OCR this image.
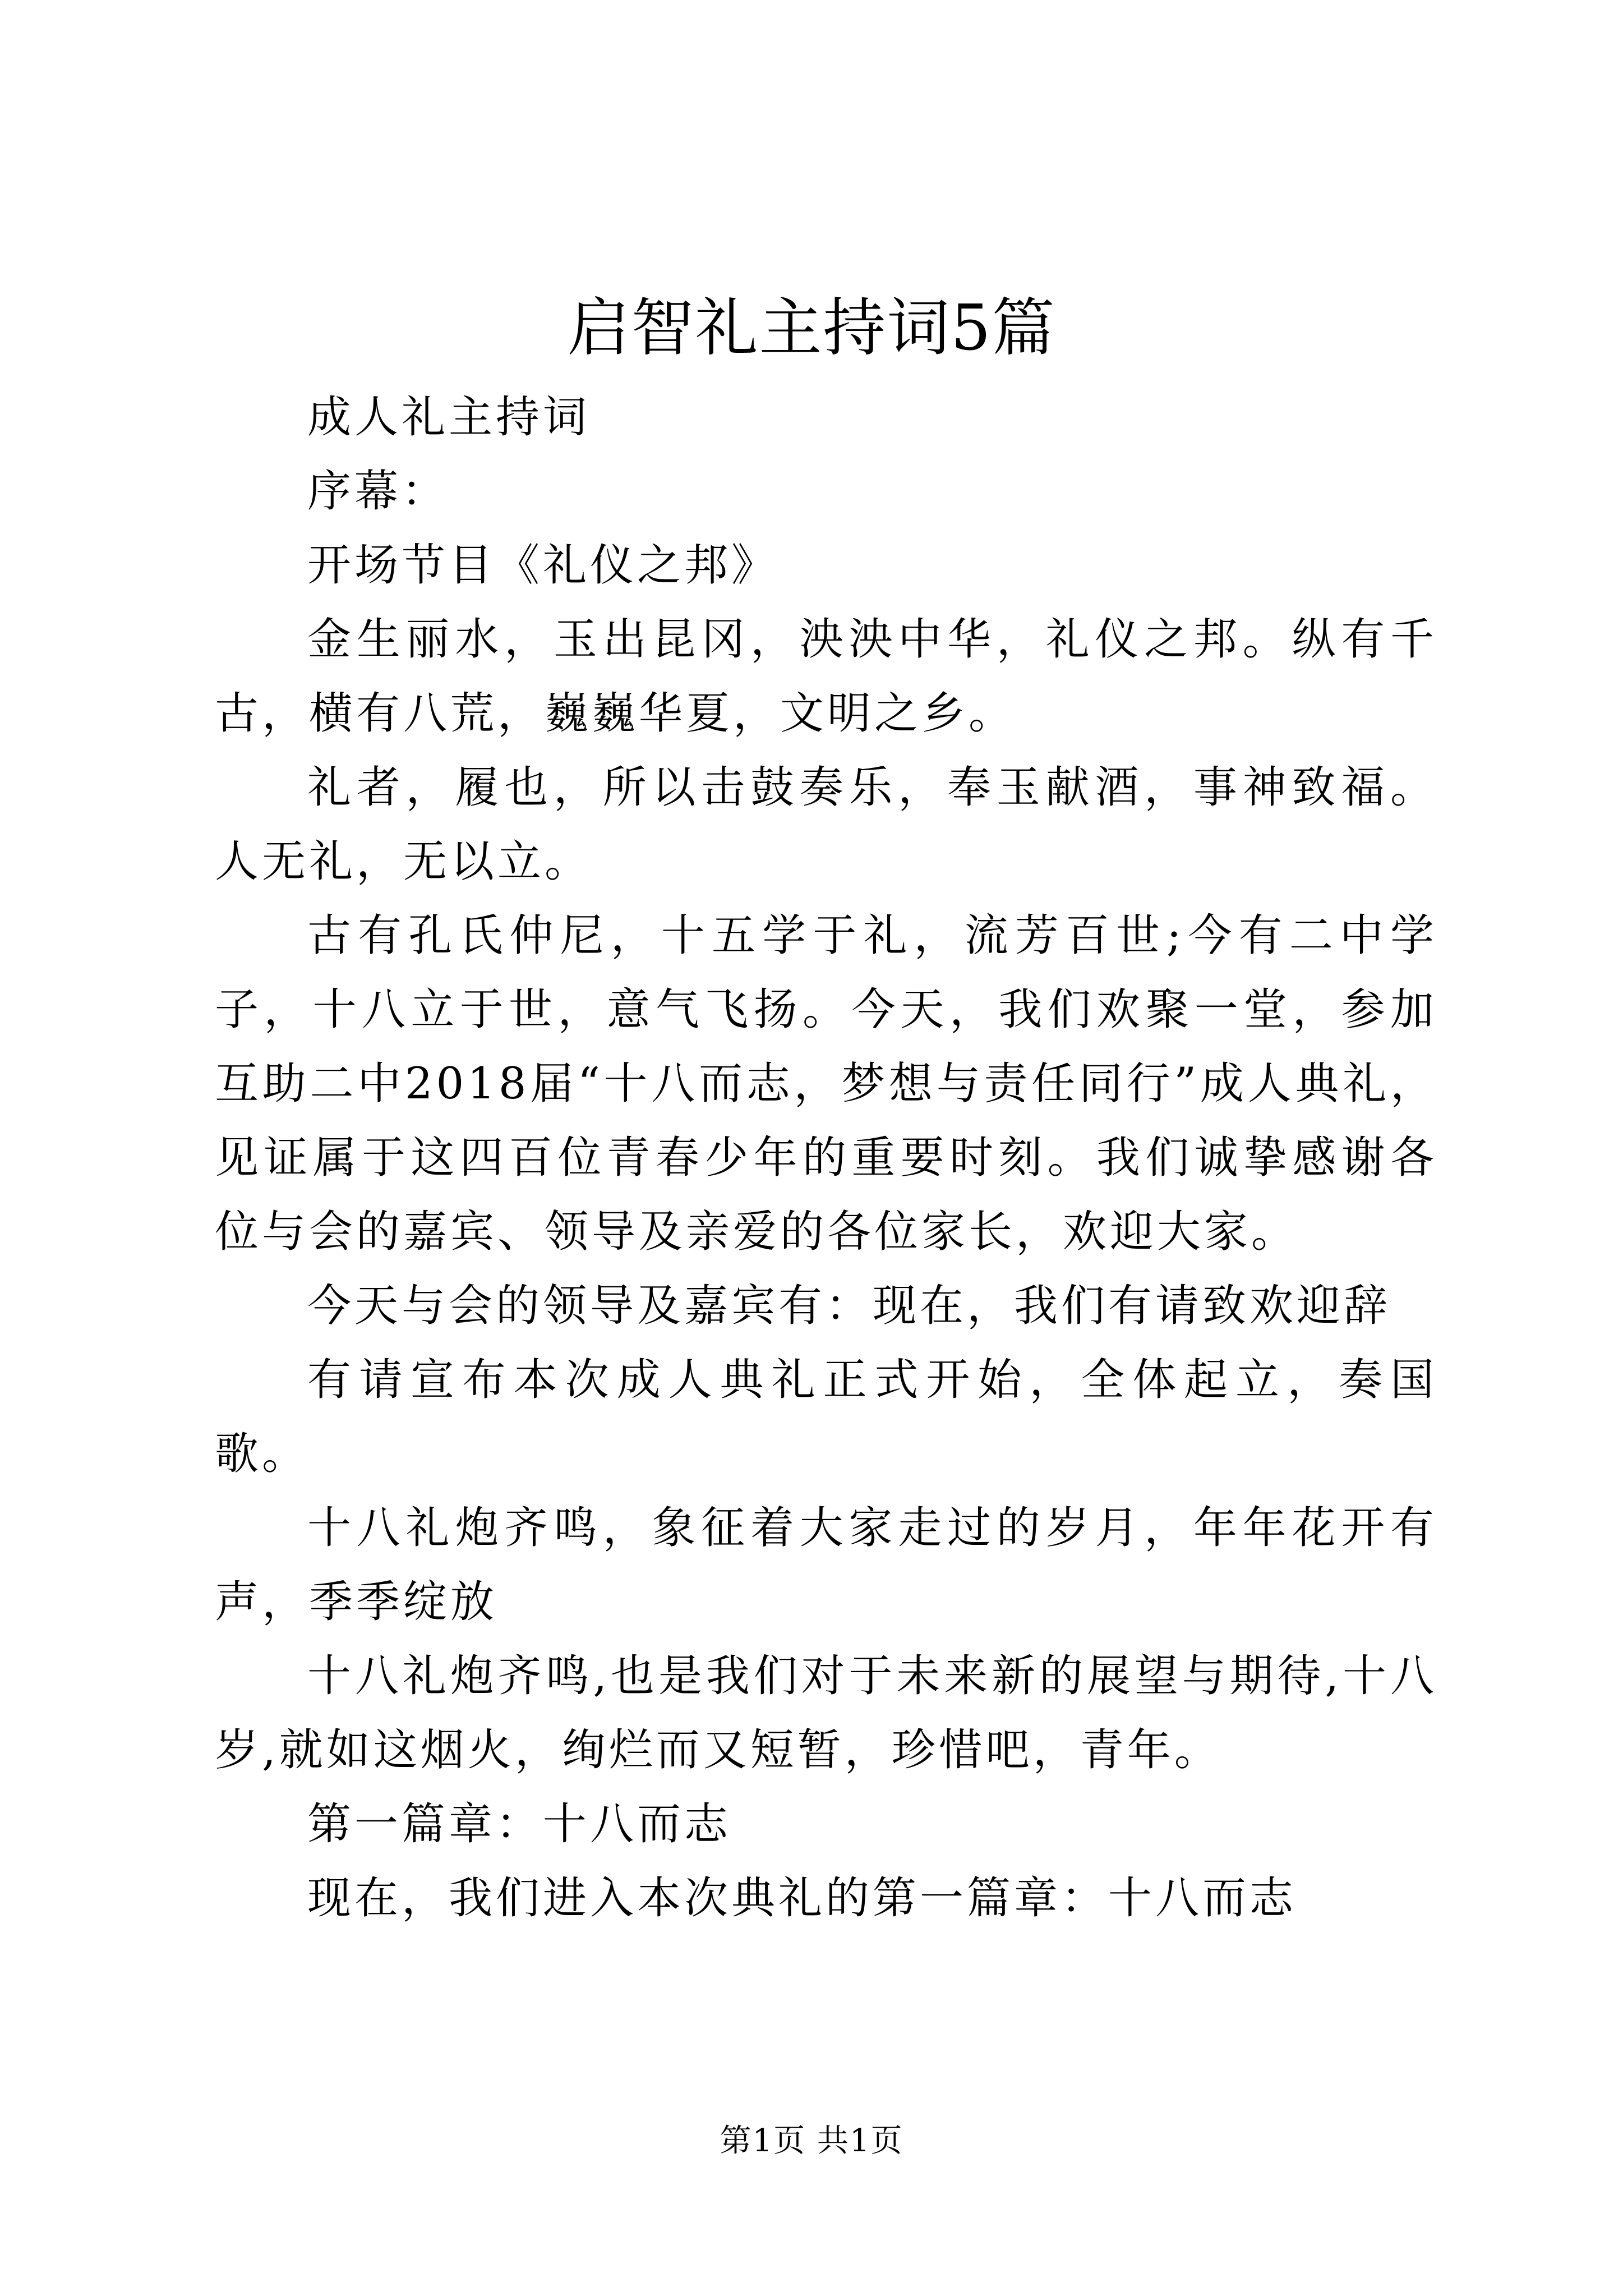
启智礼主持词5篇

成人礼主持词

序幕：

开场节目《礼仪之邦》

金生丽水，玉出昆冈，泱泱中华，礼仪之邦。纵有千古，横有八荒，巍巍华夏，文明之乡。

礼者，履也，所以击鼓奏乐，奉玉献酒，事神致福。人无礼，无以立。

古有孔氏仲尼，十五学于礼，流芳百世;今有二中学子，十八立于世，意气飞扬。今天，我们欢聚一堂，参加互助二中2018届“十八而志，梦想与责任同行”成人典礼，见证属于这四百位青春少年的重要时刻。我们诚挚感谢各位与会的嘉宾、领导及亲爱的各位家长，欢迎大家。

今天与会的领导及嘉宾有：现在，我们有请致欢迎辞

有请宣布本次成人典礼正式开始，全体起立，奏国歌。

十八礼炮齐鸣，象征着大家走过的岁月，年年花开有声，季季绽放

十八礼炮齐鸣,也是我们对于未来新的展望与期待,十八岁,就如这烟火，绚烂而又短暂，珍惜吧，青年。

第一篇章：十八而志

现在，我们进入本次典礼的第一篇章：十八而志

第1页 共1页
